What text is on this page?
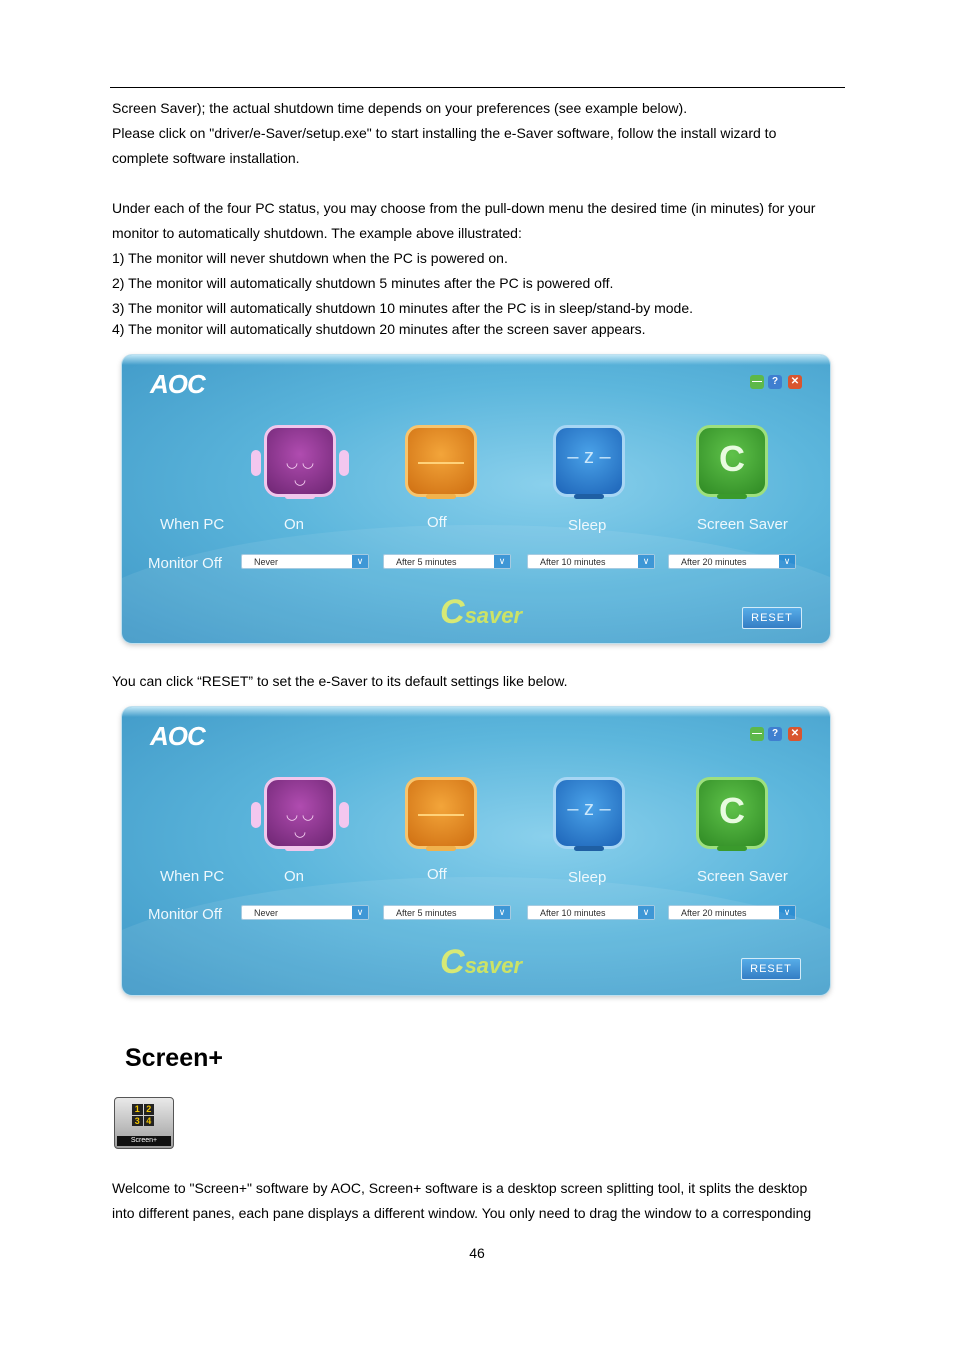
Screen Saver); the actual shutdown time depends on your preferences (see example below).
Please click on "driver/e-Saver/setup.exe" to start installing the e-Saver software, follow the install wizard to
complete software installation.
Under each of the four PC status, you may choose from the pull-down menu the desired time (in minutes) for your
monitor to automatically shutdown. The example above illustrated:
1) The monitor will never shutdown when the PC is powered on.
2) The monitor will automatically shutdown 5 minutes after the PC is powered off.
3) The monitor will automatically shutdown 10 minutes after the PC is in sleep/stand-by mode.
4) The monitor will automatically shutdown 20 minutes after the screen saver appears.
AOC	— ?	✕
◡ ◡
◡
– z –	C
When PC	On	Off	Sleep	Screen Saver
Monitor Off	Never	∨	After 5 minutes	∨	After 10 minutes	∨	After 20 minutes	∨
Csaver	RESET
You can click “RESET” to set the e-Saver to its default settings like below.
AOC	— ?	✕
◡ ◡
◡
– z –	C
When PC	On	Off	Sleep	Screen Saver
Monitor Off	Never	∨	After 5 minutes	∨	After 10 minutes	∨	After 20 minutes	∨
Csaver	RESET
Screen+
1 2
3 4
Screen+
Welcome to "Screen+" software by AOC, Screen+ software is a desktop screen splitting tool, it splits the desktop
into different panes, each pane displays a different window. You only need to drag the window to a corresponding
46
